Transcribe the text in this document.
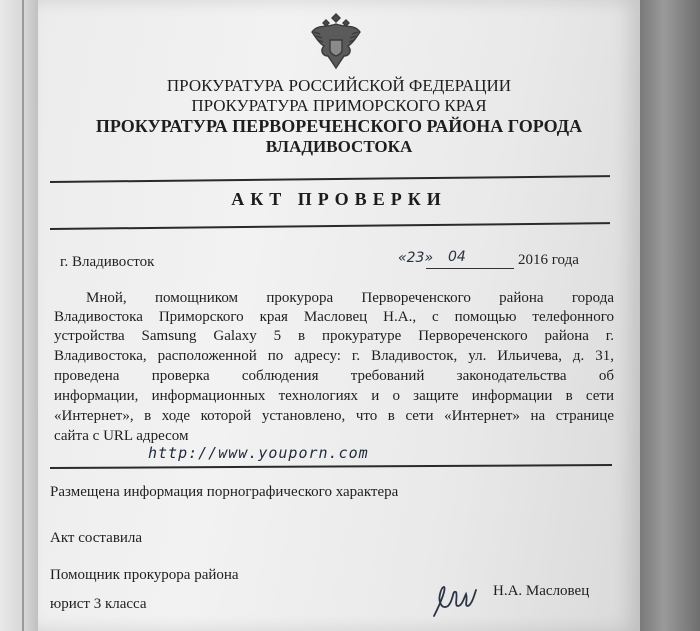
ПРОКУРАТУРА РОССИЙСКОЙ ФЕДЕРАЦИИ
ПРОКУРАТУРА ПРИМОРСКОГО КРАЯ
ПРОКУРАТУРА ПЕРВОРЕЧЕНСКОГО РАЙОНА ГОРОДА
ВЛАДИВОСТОКА
АКТ ПРОВЕРКИ
г. Владивосток	«23» 04	2016 года
Мной, помощником прокурора Первореченского района города
Владивостока Приморского края Масловец Н.А., с помощью телефонного
устройства Samsung Galaxy 5 в прокуратуре Первореченского района г.
Владивостока, расположенной по адресу: г. Владивосток, ул. Ильичева, д. 31,
проведена проверка соблюдения требований законодательства об
информации, информационных технологиях и о защите информации в сети
«Интернет», в ходе которой установлено, что в сети «Интернет» на странице
сайта с URL адресом
http://www.youporn.com
Размещена информация порнографического характера
Акт составила
Помощник прокурора района
юрист 3 класса
Н.А. Масловец
